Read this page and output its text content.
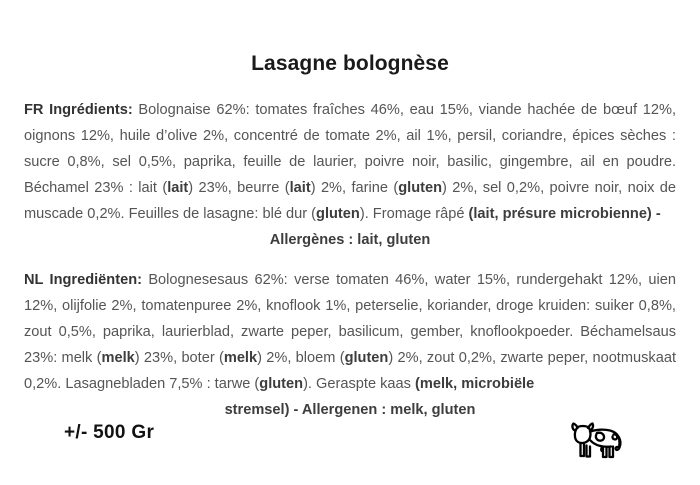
Lasagne bolognèse
FR Ingrédients: Bolognaise 62%: tomates fraîches 46%, eau 15%, viande hachée de bœuf 12%, oignons 12%, huile d’olive 2%, concentré de tomate 2%, ail 1%, persil, coriandre, épices sèches : sucre 0,8%, sel 0,5%, paprika, feuille de laurier, poivre noir, basilic, gingembre, ail en poudre. Béchamel 23% : lait (lait) 23%, beurre (lait) 2%, farine (gluten) 2%, sel 0,2%, poivre noir, noix de muscade 0,2%. Feuilles de lasagne: blé dur (gluten). Fromage râpé (lait, présure microbienne) -
Allergènes : lait, gluten
NL Ingrediënten: Bolognesesaus 62%: verse tomaten 46%, water 15%, rundergehakt 12%, uien 12%, olijfolie 2%, tomatenpuree 2%, knoflook 1%, peterselie, koriander, droge kruiden: suiker 0,8%, zout 0,5%, paprika, laurierblad, zwarte peper, basilicum, gember, knoflookpoeder. Béchamelsaus 23%: melk (melk) 23%, boter (melk) 2%, bloem (gluten) 2%, zout 0,2%, zwarte peper, nootmuskaat 0,2%. Lasagnebladen 7,5% : tarwe (gluten). Geraspte kaas (melk, microbiële
stremsel) - Allergenen : melk, gluten
+/- 500 Gr
